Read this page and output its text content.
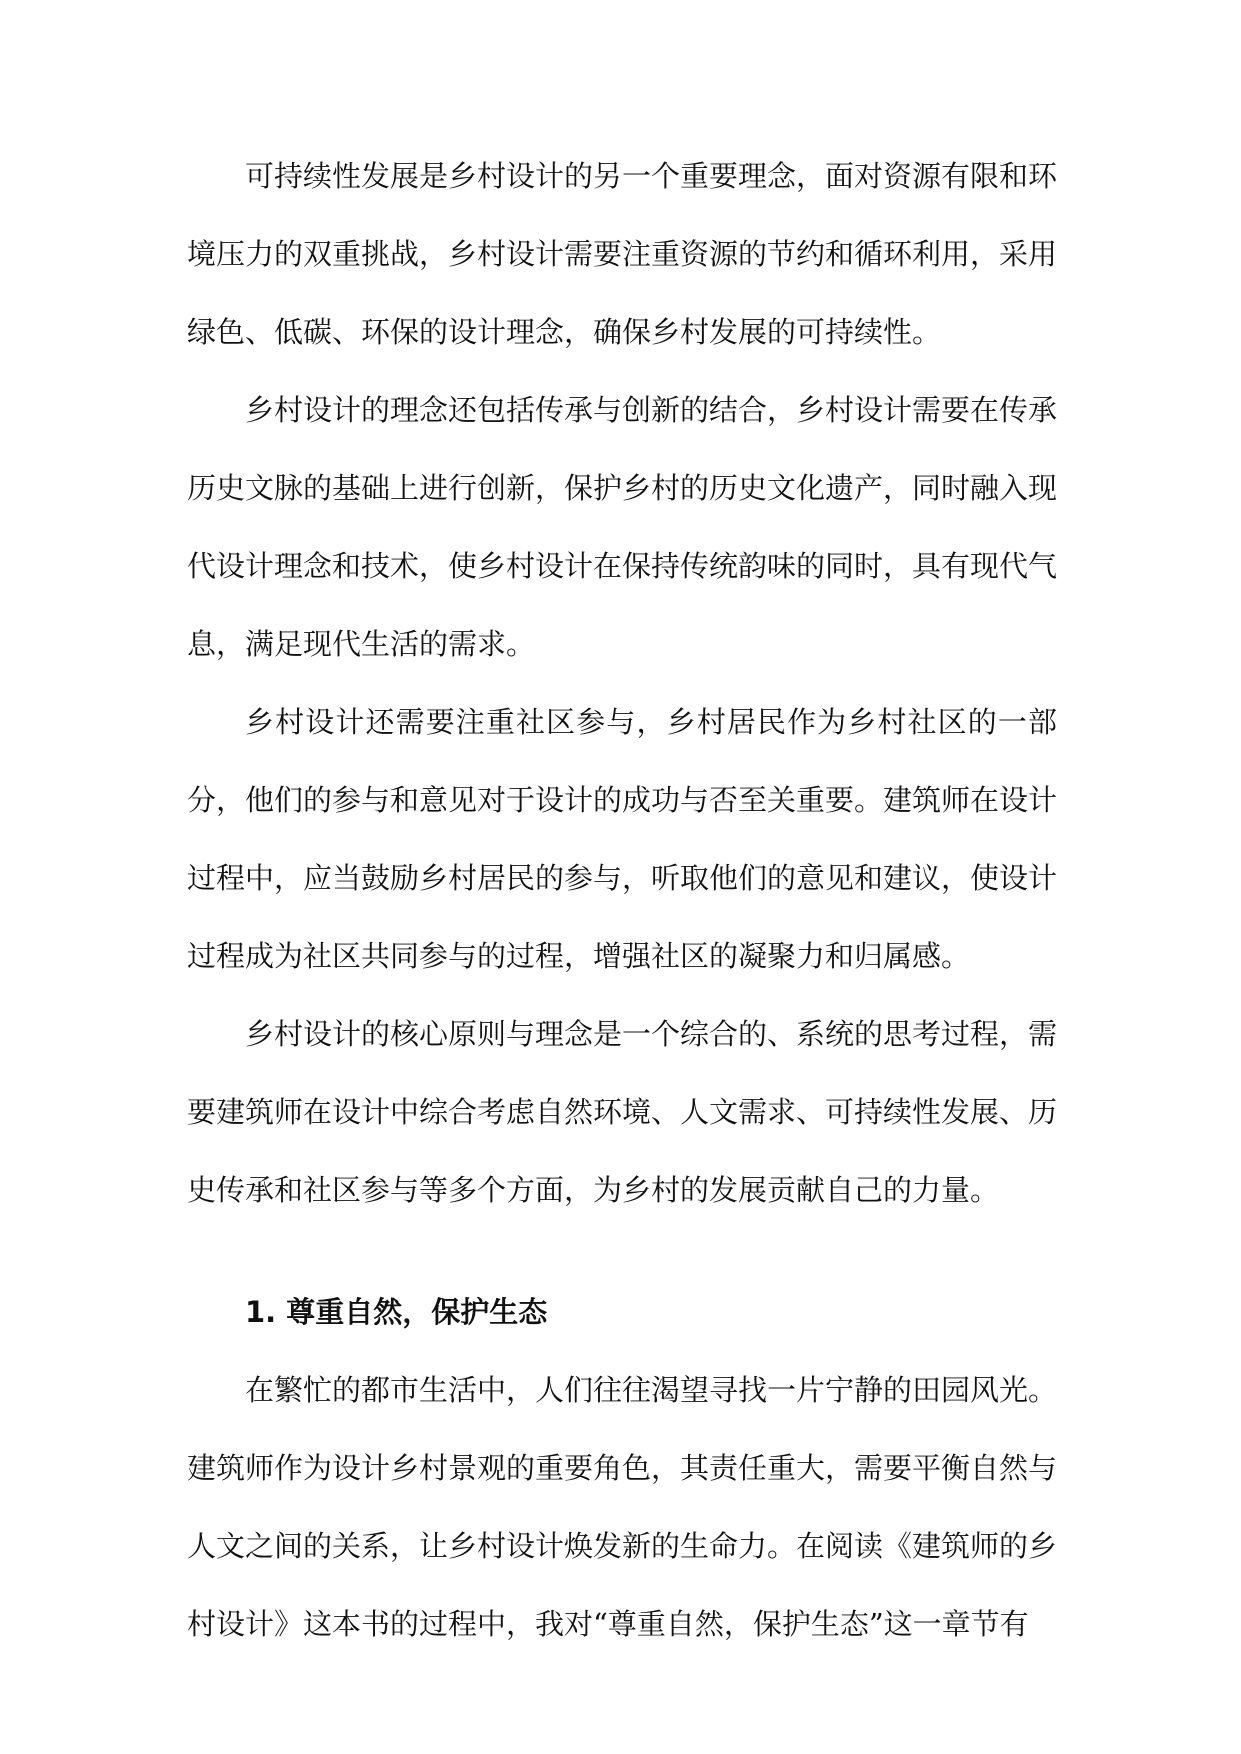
可持续性发展是乡村设计的另一个重要理念，面对资源有限和环境压力的双重挑战，乡村设计需要注重资源的节约和循环利用，采用绿色、低碳、环保的设计理念，确保乡村发展的可持续性。

乡村设计的理念还包括传承与创新的结合，乡村设计需要在传承历史文脉的基础上进行创新，保护乡村的历史文化遗产，同时融入现代设计理念和技术，使乡村设计在保持传统韵味的同时，具有现代气息，满足现代生活的需求。

乡村设计还需要注重社区参与，乡村居民作为乡村社区的一部分，他们的参与和意见对于设计的成功与否至关重要。建筑师在设计过程中，应当鼓励乡村居民的参与，听取他们的意见和建议，使设计过程成为社区共同参与的过程，增强社区的凝聚力和归属感。

乡村设计的核心原则与理念是一个综合的、系统的思考过程，需要建筑师在设计中综合考虑自然环境、人文需求、可持续性发展、历史传承和社区参与等多个方面，为乡村的发展贡献自己的力量。

1. 尊重自然，保护生态

在繁忙的都市生活中，人们往往渴望寻找一片宁静的田园风光。建筑师作为设计乡村景观的重要角色，其责任重大，需要平衡自然与人文之间的关系，让乡村设计焕发新的生命力。在阅读《建筑师的乡村设计》这本书的过程中，我对“尊重自然，保护生态”这一章节有
